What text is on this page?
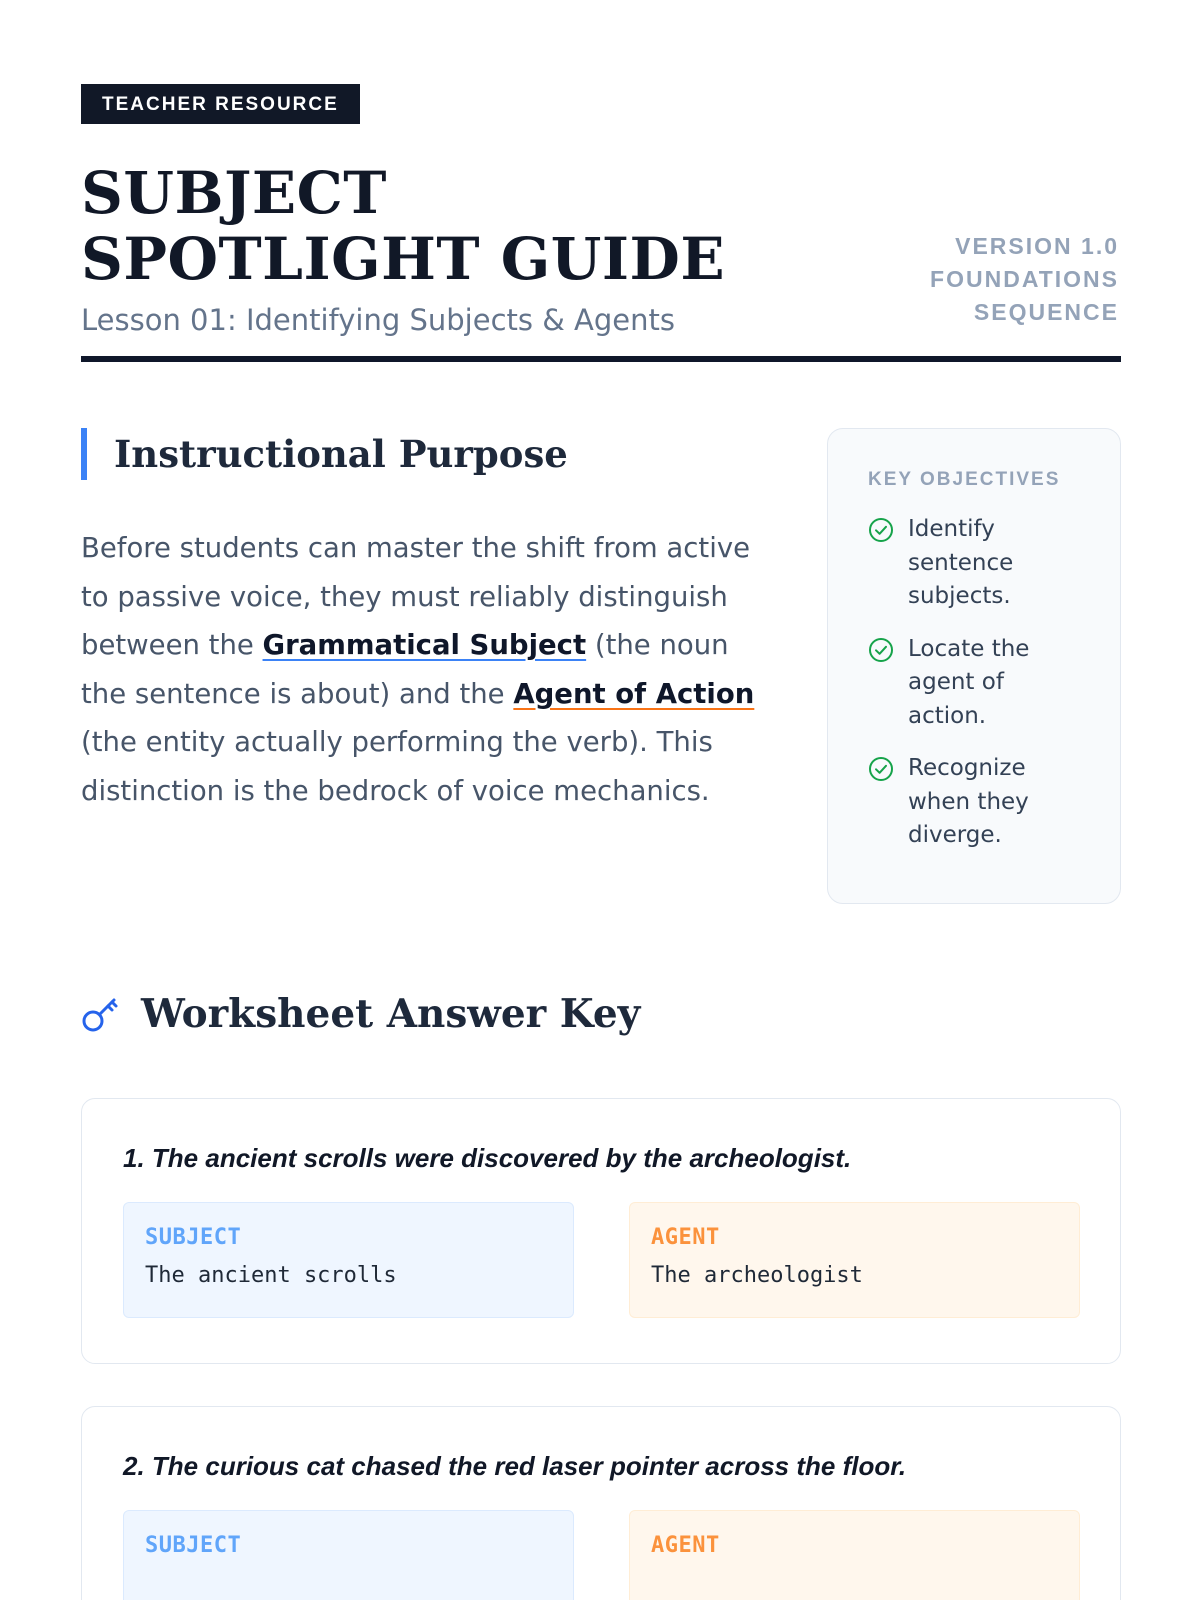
TEACHER RESOURCE
SUBJECT SPOTLIGHT GUIDE
Lesson 01: Identifying Subjects & Agents
VERSION 1.0
FOUNDATIONS
SEQUENCE
Instructional Purpose

Before students can master the shift from active to passive voice, they must reliably distinguish between the Grammatical Subject (the noun the sentence is about) and the Agent of Action (the entity actually performing the verb). This distinction is the bedrock of voice mechanics.

KEY OBJECTIVES
Identify sentence subjects.
Locate the agent of action.
Recognize when they diverge.
Worksheet Answer Key
1. The ancient scrolls were discovered by the archeologist.
SUBJECT
The ancient scrolls
AGENT
The archeologist
2. The curious cat chased the red laser pointer across the floor.
SUBJECT	AGENT
